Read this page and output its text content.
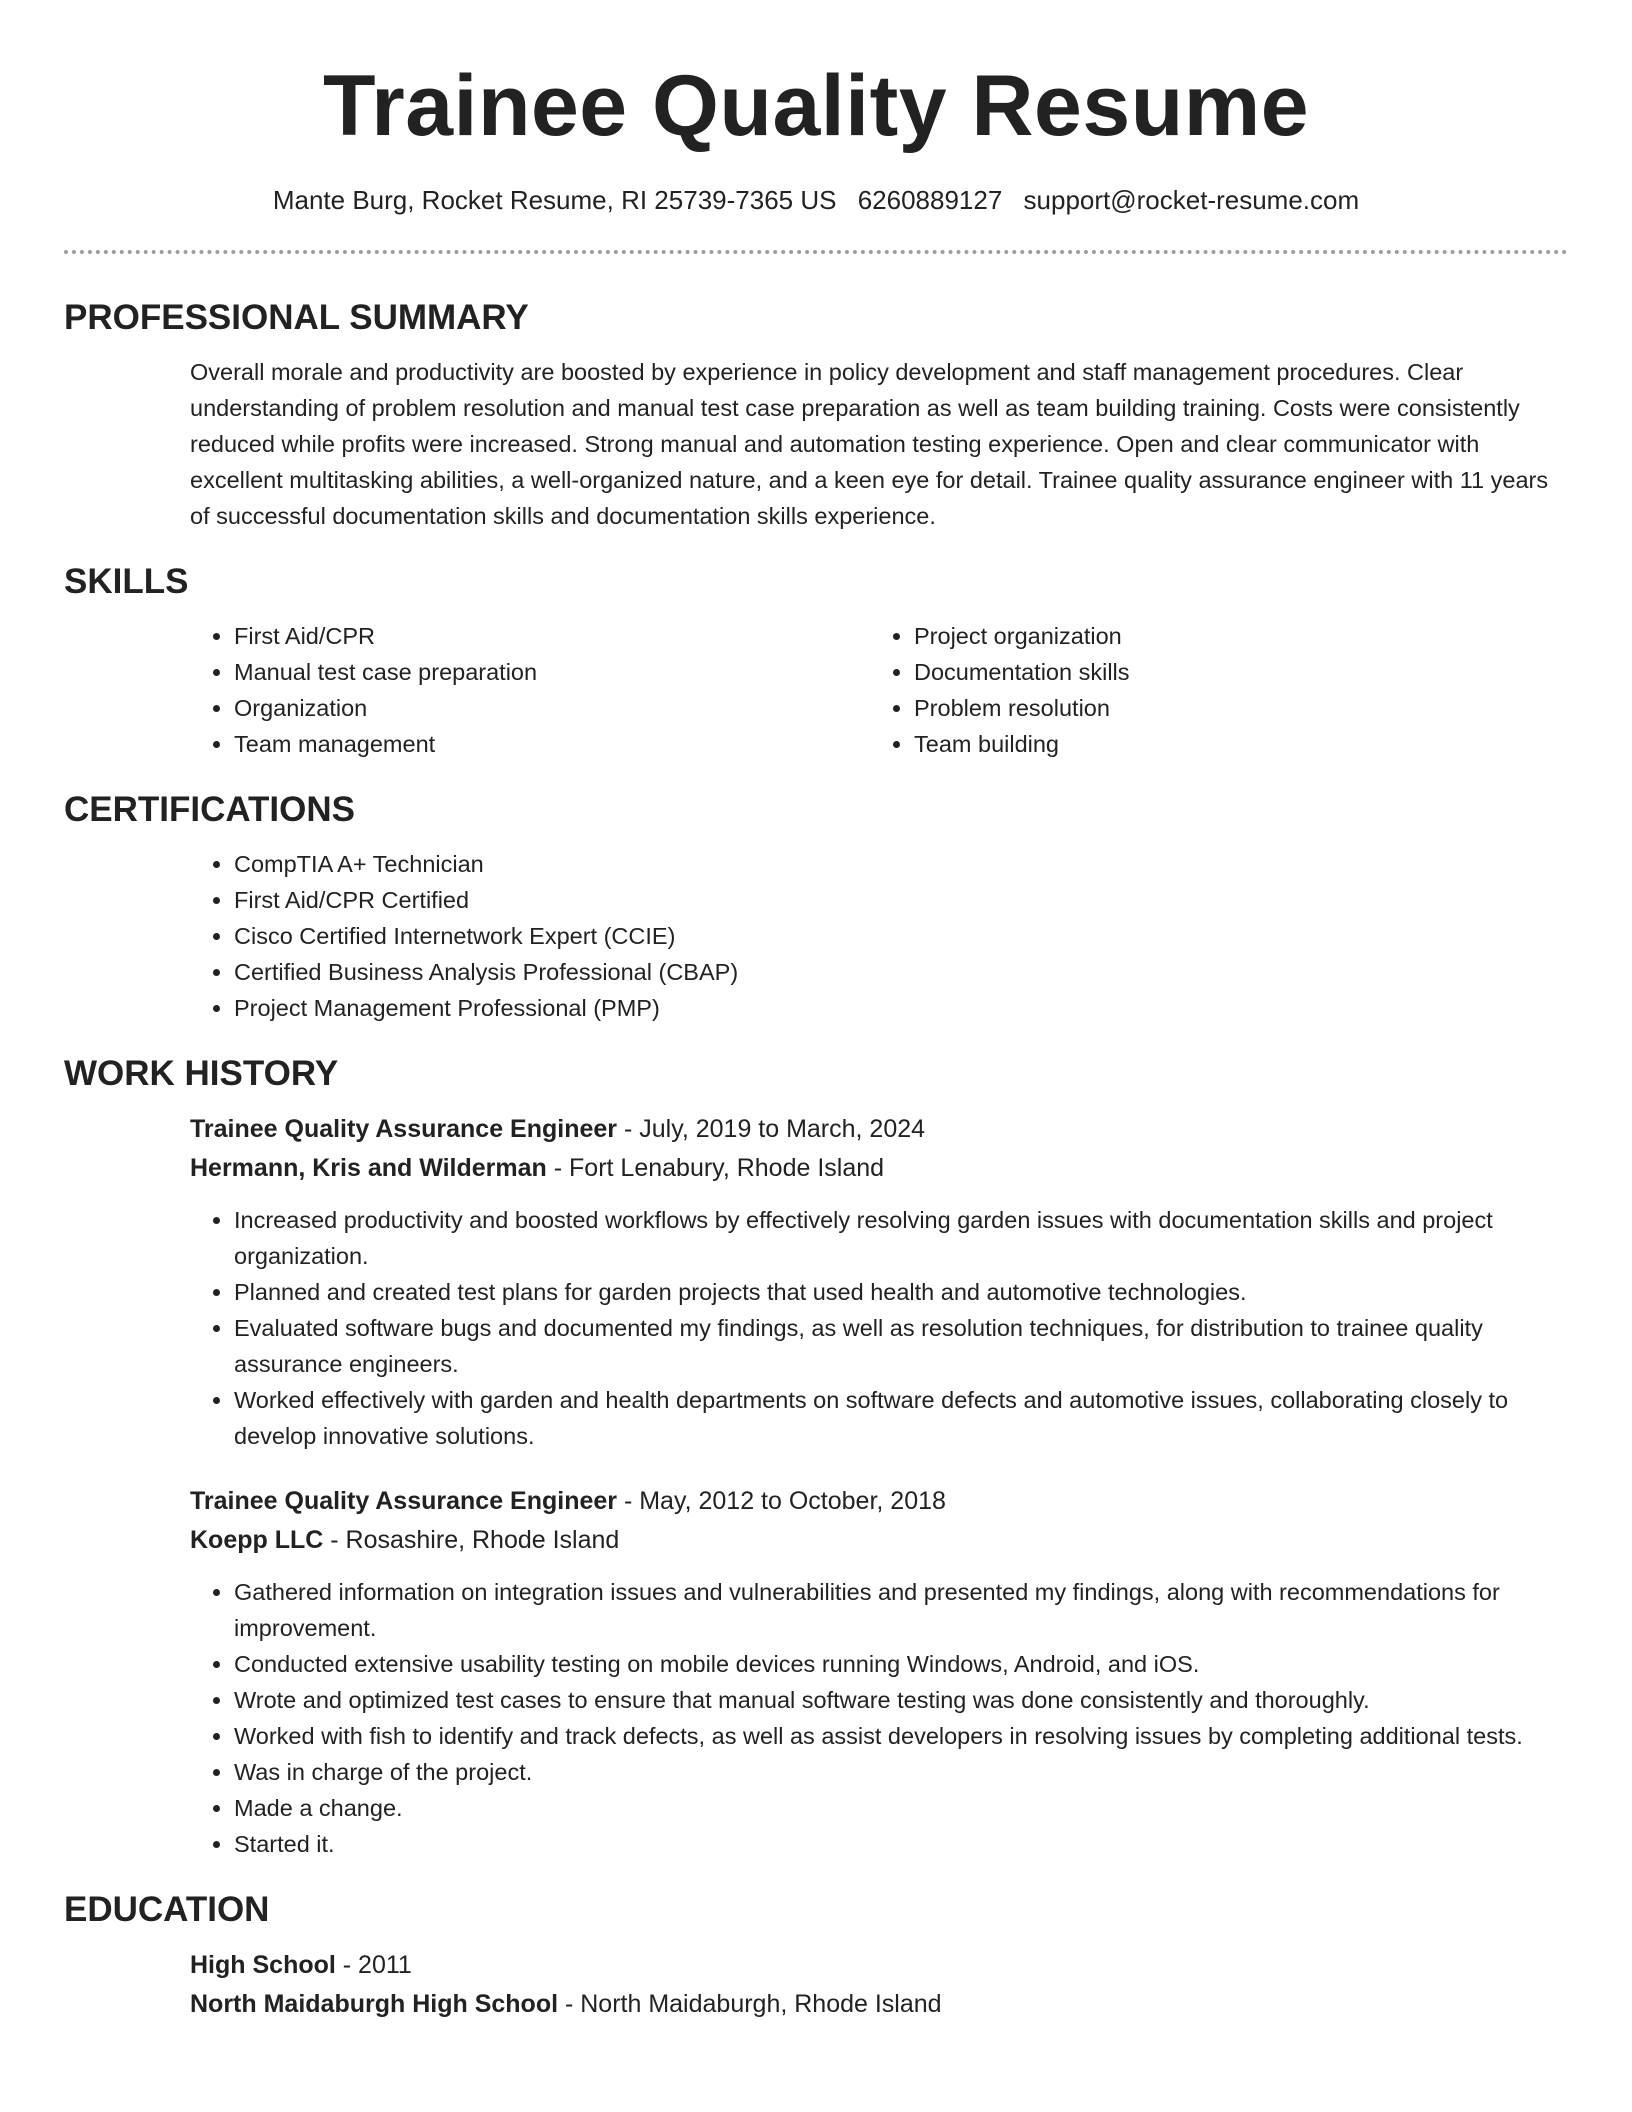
Trainee Quality Resume
Mante Burg, Rocket Resume, RI 25739-7365 US 6260889127 support@rocket-resume.com
PROFESSIONAL SUMMARY
Overall morale and productivity are boosted by experience in policy development and staff management procedures. Clear understanding of problem resolution and manual test case preparation as well as team building training. Costs were consistently reduced while profits were increased. Strong manual and automation testing experience. Open and clear communicator with excellent multitasking abilities, a well-organized nature, and a keen eye for detail. Trainee quality assurance engineer with 11 years of successful documentation skills and documentation skills experience.
SKILLS
• First Aid/CPR
• Manual test case preparation
• Organization
• Team management
• Project organization
• Documentation skills
• Problem resolution
• Team building
CERTIFICATIONS
• CompTIA A+ Technician
• First Aid/CPR Certified
• Cisco Certified Internetwork Expert (CCIE)
• Certified Business Analysis Professional (CBAP)
• Project Management Professional (PMP)
WORK HISTORY
Trainee Quality Assurance Engineer - July, 2019 to March, 2024
Hermann, Kris and Wilderman - Fort Lenabury, Rhode Island
• Increased productivity and boosted workflows by effectively resolving garden issues with documentation skills and project organization.
• Planned and created test plans for garden projects that used health and automotive technologies.
• Evaluated software bugs and documented my findings, as well as resolution techniques, for distribution to trainee quality assurance engineers.
• Worked effectively with garden and health departments on software defects and automotive issues, collaborating closely to develop innovative solutions.
Trainee Quality Assurance Engineer - May, 2012 to October, 2018
Koepp LLC - Rosashire, Rhode Island
• Gathered information on integration issues and vulnerabilities and presented my findings, along with recommendations for improvement.
• Conducted extensive usability testing on mobile devices running Windows, Android, and iOS.
• Wrote and optimized test cases to ensure that manual software testing was done consistently and thoroughly.
• Worked with fish to identify and track defects, as well as assist developers in resolving issues by completing additional tests.
• Was in charge of the project.
• Made a change.
• Started it.
EDUCATION
High School - 2011
North Maidaburgh High School - North Maidaburgh, Rhode Island
